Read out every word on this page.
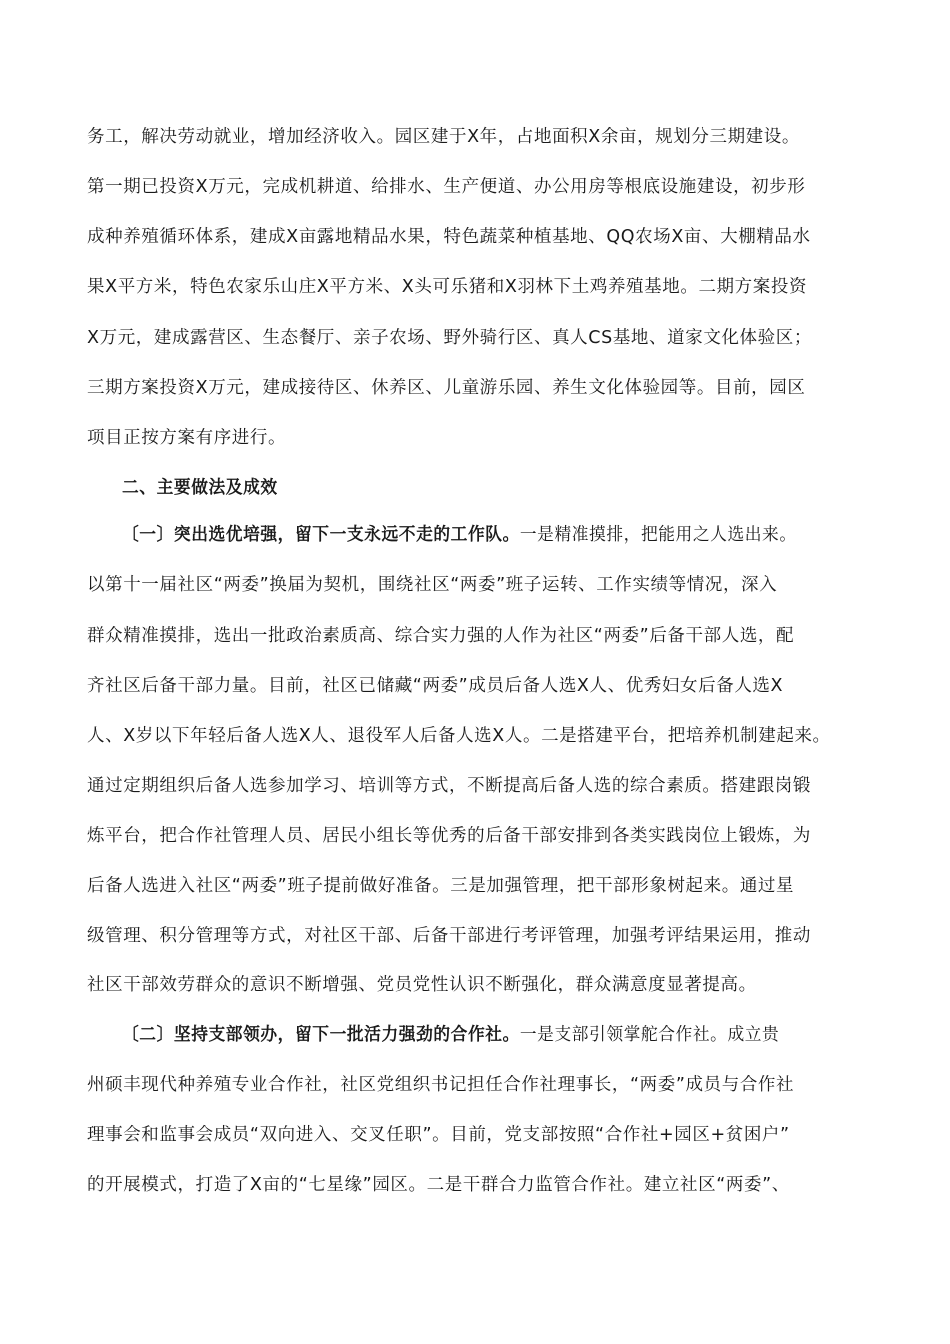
务工，解决劳动就业，增加经济收入。园区建于X年，占地面积X余亩，规划分三期建设。
第一期已投资X万元，完成机耕道、给排水、生产便道、办公用房等根底设施建设，初步形
成种养殖循环体系，建成X亩露地精品水果，特色蔬菜种植基地、QQ农场X亩、大棚精品水
果X平方米，特色农家乐山庄X平方米、X头可乐猪和X羽林下土鸡养殖基地。二期方案投资
X万元，建成露营区、生态餐厅、亲子农场、野外骑行区、真人CS基地、道家文化体验区；
三期方案投资X万元，建成接待区、休养区、儿童游乐园、养生文化体验园等。目前，园区
项目正按方案有序进行。
二、主要做法及成效
〔一〕突出选优培强，留下一支永远不走的工作队。一是精准摸排，把能用之人选出来。
以第十一届社区“两委”换届为契机，围绕社区“两委”班子运转、工作实绩等情况，深入
群众精准摸排，选出一批政治素质高、综合实力强的人作为社区“两委”后备干部人选，配
齐社区后备干部力量。目前，社区已储藏“两委”成员后备人选X人、优秀妇女后备人选X
人、X岁以下年轻后备人选X人、退役军人后备人选X人。二是搭建平台，把培养机制建起来。
通过定期组织后备人选参加学习、培训等方式，不断提高后备人选的综合素质。搭建跟岗锻
炼平台，把合作社管理人员、居民小组长等优秀的后备干部安排到各类实践岗位上锻炼，为
后备人选进入社区“两委”班子提前做好准备。三是加强管理，把干部形象树起来。通过星
级管理、积分管理等方式，对社区干部、后备干部进行考评管理，加强考评结果运用，推动
社区干部效劳群众的意识不断增强、党员党性认识不断强化，群众满意度显著提高。
〔二〕坚持支部领办，留下一批活力强劲的合作社。一是支部引领掌舵合作社。成立贵
州硕丰现代种养殖专业合作社，社区党组织书记担任合作社理事长，“两委”成员与合作社
理事会和监事会成员“双向进入、交叉任职”。目前，党支部按照“合作社+园区+贫困户”
的开展模式，打造了X亩的“七星缘”园区。二是干群合力监管合作社。建立社区“两委”、
